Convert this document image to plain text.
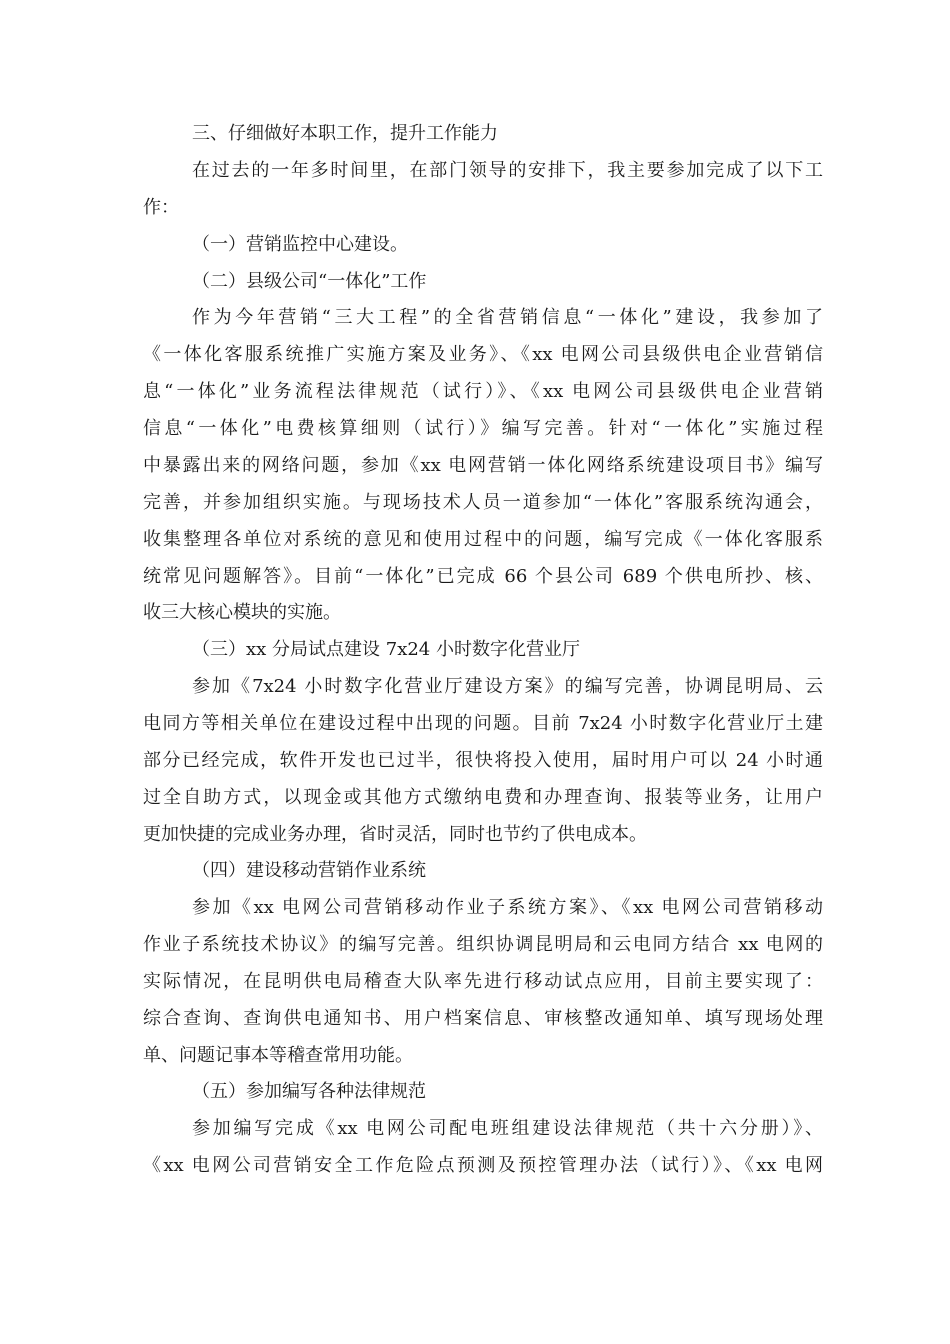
三、仔细做好本职工作，提升工作能力
在过去的一年多时间里，在部门领导的安排下，我主要参加完成了以下工
作：
（一）营销监控中心建设。
（二）县级公司“一体化”工作
作为今年营销“三大工程”的全省营销信息“一体化”建设，我参加了
《一体化客服系统推广实施方案及业务》、《xx 电网公司县级供电企业营销信
息“一体化”业务流程法律规范（试行）》、《xx 电网公司县级供电企业营销
信息“一体化”电费核算细则（试行）》编写完善。针对“一体化”实施过程
中暴露出来的网络问题，参加《xx 电网营销一体化网络系统建设项目书》编写
完善，并参加组织实施。与现场技术人员一道参加“一体化”客服系统沟通会，
收集整理各单位对系统的意见和使用过程中的问题，编写完成《一体化客服系
统常见问题解答》。目前“一体化”已完成 66 个县公司 689 个供电所抄、核、
收三大核心模块的实施。
（三）xx 分局试点建设 7x24 小时数字化营业厅
参加《7x24 小时数字化营业厅建设方案》的编写完善，协调昆明局、云
电同方等相关单位在建设过程中出现的问题。目前 7x24 小时数字化营业厅土建
部分已经完成，软件开发也已过半，很快将投入使用，届时用户可以 24 小时通
过全自助方式，以现金或其他方式缴纳电费和办理查询、报装等业务，让用户
更加快捷的完成业务办理，省时灵活，同时也节约了供电成本。
（四）建设移动营销作业系统
参加《xx 电网公司营销移动作业子系统方案》、《xx 电网公司营销移动
作业子系统技术协议》的编写完善。组织协调昆明局和云电同方结合 xx 电网的
实际情况，在昆明供电局稽查大队率先进行移动试点应用，目前主要实现了：
综合查询、查询供电通知书、用户档案信息、审核整改通知单、填写现场处理
单、问题记事本等稽查常用功能。
（五）参加编写各种法律规范
参加编写完成《xx 电网公司配电班组建设法律规范（共十六分册）》、
《xx 电网公司营销安全工作危险点预测及预控管理办法（试行）》、《xx 电网
